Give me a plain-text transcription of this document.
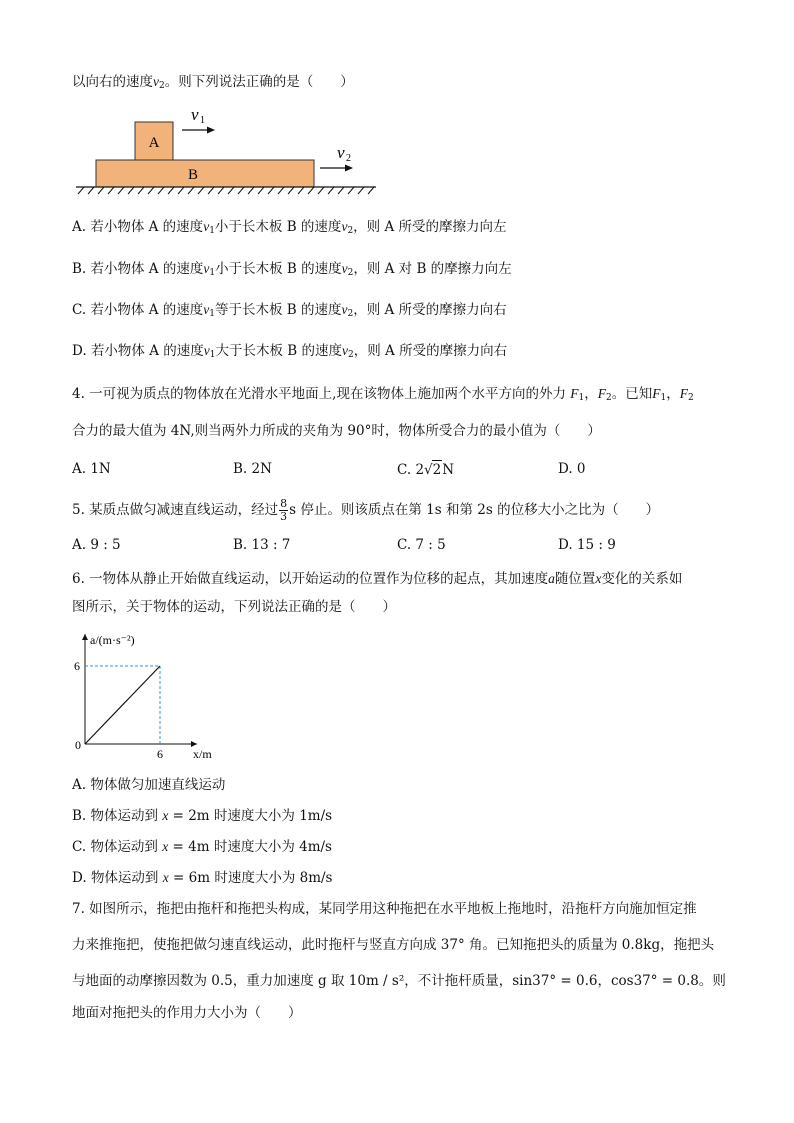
以向右的速度$v_2$。则下列说法正确的是（　　）
A
B
v 1
v 2
A. 若小物体 A 的速度$v_1$小于长木板 B 的速度$v_2$，则 A 所受的摩擦力向左
B. 若小物体 A 的速度$v_1$小于长木板 B 的速度$v_2$，则 A 对 B 的摩擦力向左
C. 若小物体 A 的速度$v_1$等于长木板 B 的速度$v_2$，则 A 所受的摩擦力向右
D. 若小物体 A 的速度$v_1$大于长木板 B 的速度$v_2$，则 A 所受的摩擦力向右
4. 一可视为质点的物体放在光滑水平地面上,现在该物体上施加两个水平方向的外力 $F_1$，$F_2$。已知$F_1$，$F_2$
合力的最大值为 4N,则当两外力所成的夹角为 90°时，物体所受合力的最小值为（　　）
A. 1N	B. 2N	C. 2√2N	D. 0
5. 某质点做匀减速直线运动，经过 $\frac{8}{3}$ s 停止。则该质点在第 1s 和第 2s 的位移大小之比为（　　）
A. 9 : 5	B. 13 : 7	C. 7 : 5	D. 15 : 9
6. 一物体从静止开始做直线运动，以开始运动的位置作为位移的起点，其加速度a随位置x变化的关系如
图所示，关于物体的运动，下列说法正确的是（　　）
a/(m·s⁻²)
x/m
0
6
6
A. 物体做匀加速直线运动
B. 物体运动到 x = 2m 时速度大小为 1m/s
C. 物体运动到 x = 4m 时速度大小为 4m/s
D. 物体运动到 x = 6m 时速度大小为 8m/s
7. 如图所示，拖把由拖杆和拖把头构成，某同学用这种拖把在水平地板上拖地时，沿拖杆方向施加恒定推
力来推拖把，使拖把做匀速直线运动，此时拖杆与竖直方向成 37° 角。已知拖把头的质量为 0.8kg，拖把头
与地面的动摩擦因数为 0.5，重力加速度 g 取 10m / s²，不计拖杆质量，sin37° = 0.6，cos37° = 0.8。则
地面对拖把头的作用力大小为（　　）
